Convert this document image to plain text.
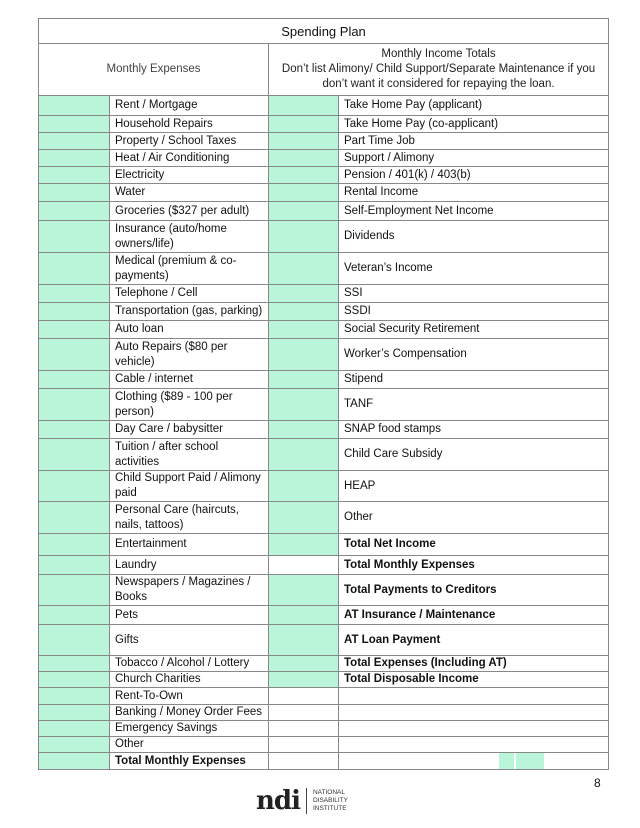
Spending Plan			
Monthly Expenses		Monthly Income Totals
Don’t list Alimony/ Child Support/Separate Maintenance if you don’t want it considered for repaying the loan.	

	Rent / Mortgage		Take Home Pay (applicant)
	Household Repairs		Take Home Pay (co-applicant)
	Property / School Taxes		Part Time Job
	Heat / Air Conditioning		Support / Alimony
	Electricity		Pension / 401(k) / 403(b)
	Water		Rental Income
	Groceries ($327 per adult)		Self-Employment Net Income
	Insurance (auto/home owners/life)		Dividends
	Medical (premium & co-payments)		Veteran’s Income
	Telephone / Cell		SSI
	Transportation (gas, parking)		SSDI
	Auto loan		Social Security Retirement
	Auto Repairs ($80 per vehicle)		Worker’s Compensation
	Cable / internet		Stipend
	Clothing ($89 - 100 per person)		TANF
	Day Care / babysitter		SNAP food stamps
	Tuition / after school activities		Child Care Subsidy
	Child Support Paid / Alimony paid		HEAP
	Personal Care (haircuts, nails, tattoos)		Other
	Entertainment		Total Net Income
	Laundry		Total Monthly Expenses
	Newspapers / Magazines / Books		Total Payments to Creditors
	Pets		AT Insurance / Maintenance
	Gifts		AT Loan Payment
	Tobacco / Alcohol / Lottery		Total Expenses (Including AT)
	Church Charities		Total Disposable Income
	Rent-To-Own		
	Banking / Money Order Fees		
	Emergency Savings		
	Other		
	Total Monthly Expenses		
8
ndi NATIONAL
DISABILITY
INSTITUTE
